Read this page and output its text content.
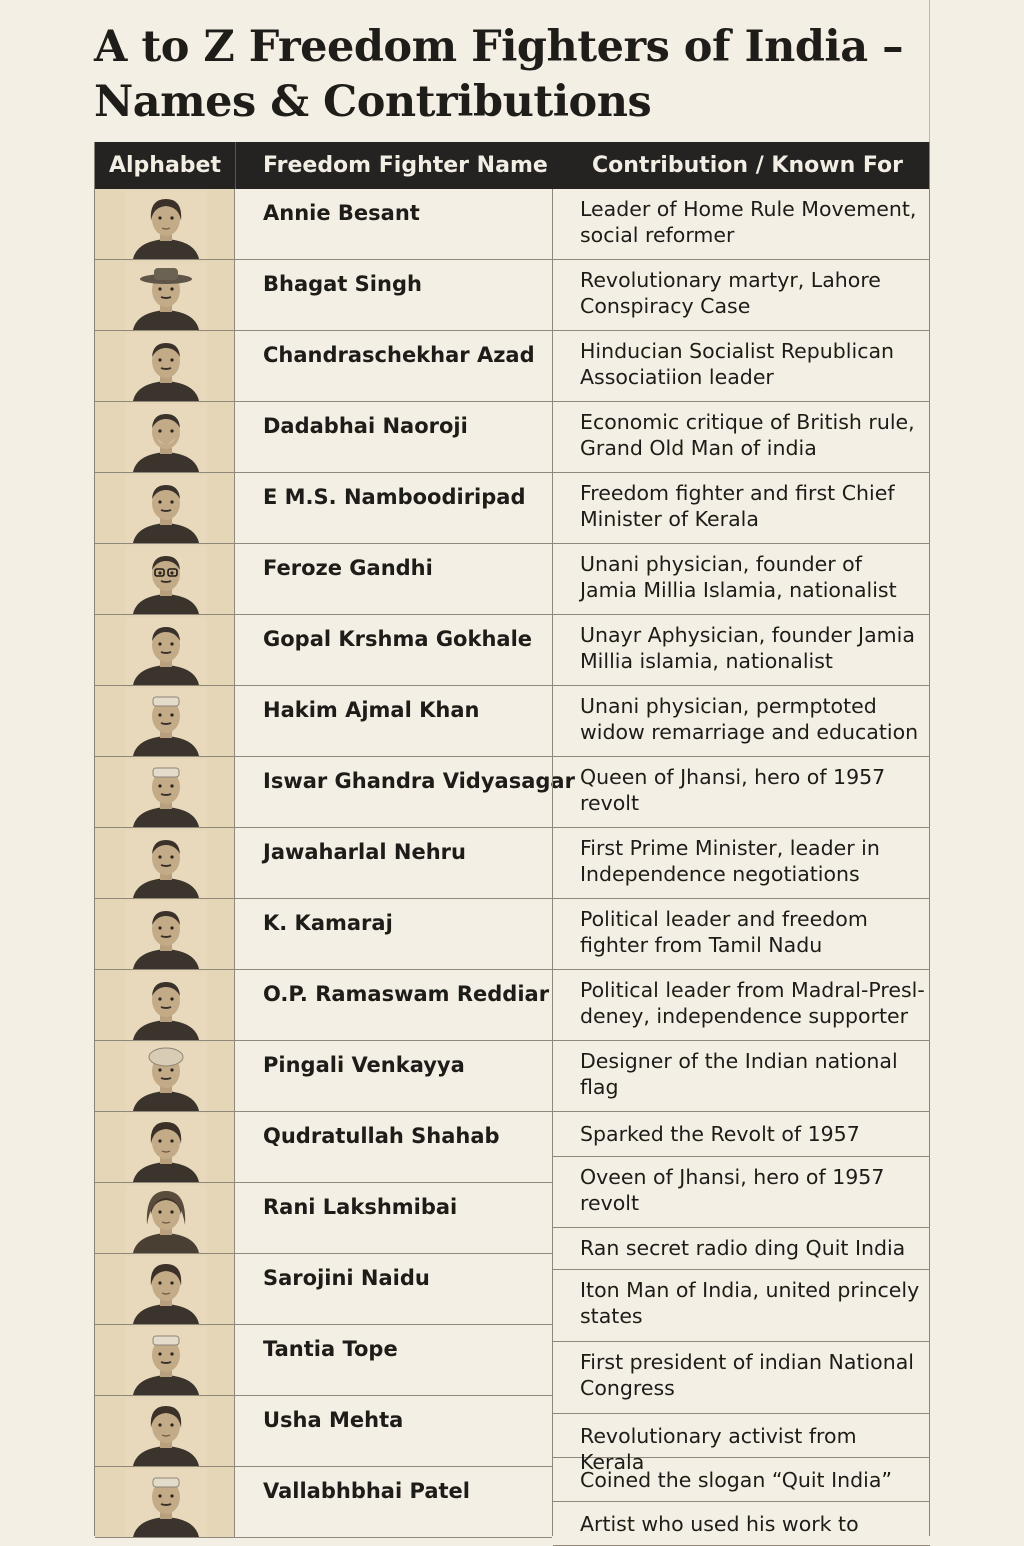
A to Z Freedom Fighters of India – Names & Contributions
Alphabet	Freedom Fighter Name Contribution / Known For
Annie Besant
Bhagat Singh
Chandraschekhar Azad
Dadabhai Naoroji
E M.S. Namboodiripad
Feroze Gandhi
Gopal Krshma Gokhale
Hakim Ajmal Khan
Iswar Ghandra Vidyasagar
Jawaharlal Nehru
K. Kamaraj
O.P. Ramaswam Reddiar
Pingali Venkayya
Qudratullah Shahab
Rani Lakshmibai
Sarojini Naidu
Tantia Tope
Usha Mehta
Vallabhbhai Patel
Leader of Home Rule Movement, social reformer
Revolutionary martyr, Lahore Conspiracy Case
Hinducian Socialist Republican Associatiion leader
Economic critique of British rule, Grand Old Man of india
Freedom fighter and first Chief Minister of Kerala
Unani physician, founder of Jamia Millia Islamia, nationalist
Unayr Aphysician, founder Jamia Millia islamia, nationalist
Unani physician, permptoted widow remarriage and education
Queen of Jhansi, hero of 1957 revolt
First Prime Minister, leader in Independence negotiations
Political leader and freedom fighter from Tamil Nadu
Political leader from Madral-Presl-deney, independence supporter
Designer of the Indian national flag
Sparked the Revolt of 1957
Oveen of Jhansi, hero of 1957 revolt
Ran secret radio ding Quit India
Iton Man of India, united princely states
First president of indian National Congress
Revolutionary activist from Kerala
Coined the slogan “Quit India”
Artist who used his work to
